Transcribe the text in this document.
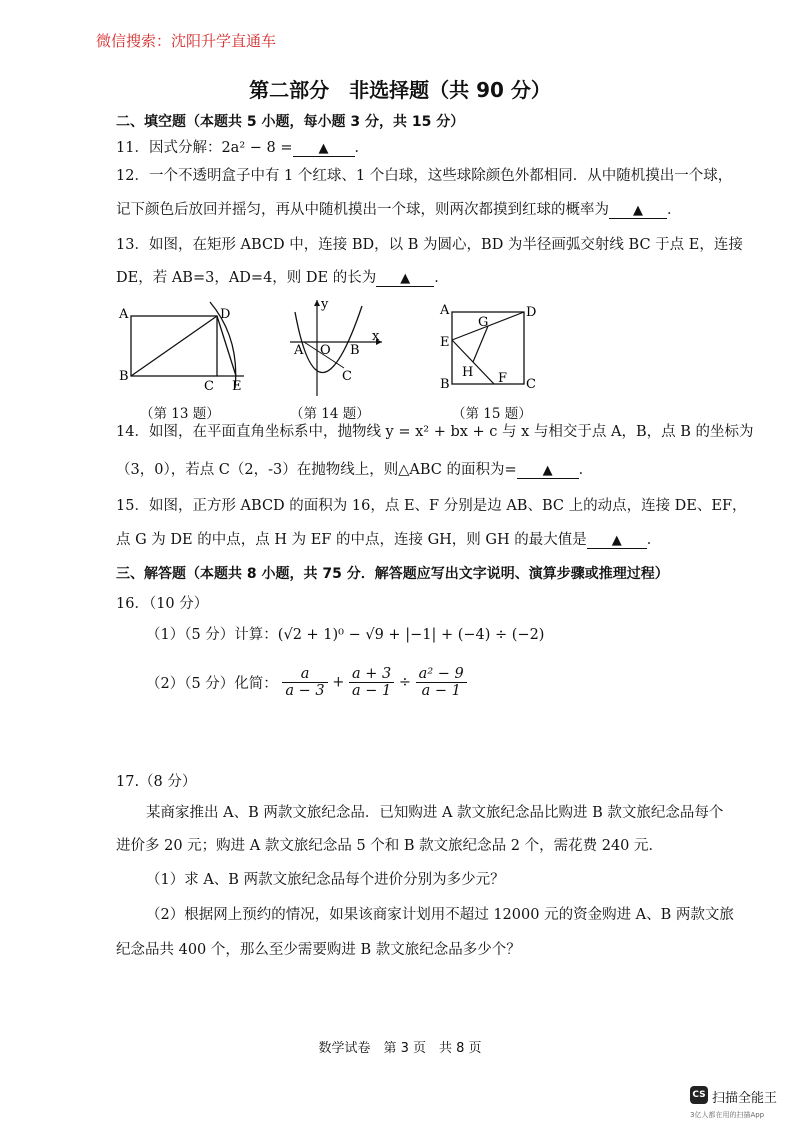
微信搜索：沈阳升学直通车
第二部分　非选择题（共 90 分）
二、填空题（本题共 5 小题，每小题 3 分，共 15 分）
11．因式分解：2a² − 8 = ▲ ．
12．一个不透明盒子中有 1 个红球、1 个白球，这些球除颜色外都相同．从中随机摸出一个球，
记下颜色后放回并摇匀，再从中随机摸出一个球，则两次都摸到红球的概率为 ▲ ．
13．如图，在矩形 ABCD 中，连接 BD，以 B 为圆心，BD 为半径画弧交射线 BC 于点 E，连接
DE，若 AB=3，AD=4，则 DE 的长为 ▲ ．
A
B
D
C E
A O B
C
x
y	A
E
B
D
C
G
H F
（第 13 题）	（第 14 题）	（第 15 题）
14．如图，在平面直角坐标系中，抛物线 y = x² + bx + c 与 x 与相交于点 A，B，点 B 的坐标为
（3，0），若点 C（2，-3）在抛物线上，则△ABC 的面积为= ▲ ．
15．如图，正方形 ABCD 的面积为 16，点 E、F 分别是边 AB、BC 上的动点，连接 DE、EF，
点 G 为 DE 的中点，点 H 为 EF 的中点，连接 GH，则 GH 的最大值是 ▲ ．
三、解答题（本题共 8 小题，共 75 分．解答题应写出文字说明、演算步骤或推理过程）
16．（10 分）
（1）（5 分）计算：(√2 + 1)⁰ − √9 + |−1| + (−4) ÷ (−2)
（2）（5 分）化简： $\frac{a}{a - 3} + \frac{a + 3}{a - 1} \div \frac{\text{a² − 9}}{a - 1}$
17.（8 分）
某商家推出 A、B 两款文旅纪念品．已知购进 A 款文旅纪念品比购进 B 款文旅纪念品每个
进价多 20 元；购进 A 款文旅纪念品 5 个和 B 款文旅纪念品 2 个，需花费 240 元．
（1）求 A、B 两款文旅纪念品每个进价分别为多少元？
（2）根据网上预约的情况，如果该商家计划用不超过 12000 元的资金购进 A、B 两款文旅
纪念品共 400 个，那么至少需要购进 B 款文旅纪念品多少个？
数学试卷　第 3 页　共 8 页
CS 扫描全能王
3亿人都在用的扫描App
